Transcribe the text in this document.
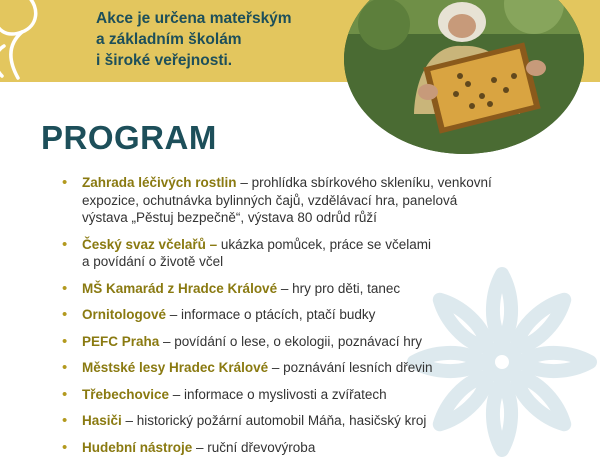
Akce je určena mateřským
a základním školám
i široké veřejnosti.
PROGRAM
• Zahrada léčivých rostlin – prohlídka sbírkového skleníku, venkovní
expozice, ochutnávka bylinných čajů, vzdělávací hra, panelová
výstava „Pěstuj bezpečně“, výstava 80 odrůd růží
• Český svaz včelařů – ukázka pomůcek, práce se včelami
a povídání o životě včel
• MŠ Kamarád z Hradce Králové – hry pro děti, tanec
• Ornitologové – informace o ptácích, ptačí budky
• PEFC Praha – povídání o lese, o ekologii, poznávací hry
• Městské lesy Hradec Králové – poznávání lesních dřevin
• Třebechovice – informace o myslivosti a zvířatech
• Hasiči – historický požární automobil Máňa, hasičský kroj
• Hudební nástroje – ruční dřevovýroba
